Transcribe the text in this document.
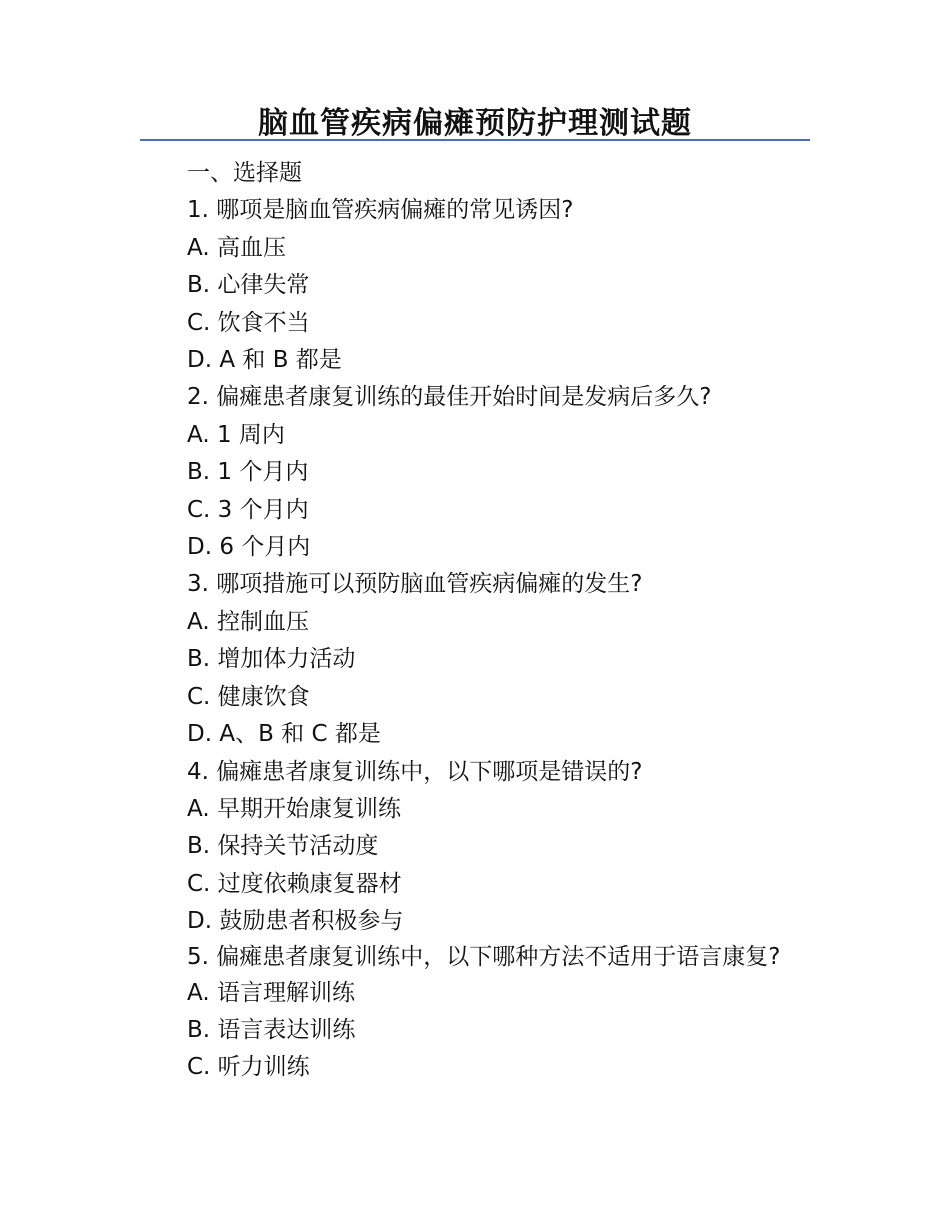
脑血管疾病偏瘫预防护理测试题
一、选择题
1. 哪项是脑血管疾病偏瘫的常见诱因?
A. 高血压
B. 心律失常
C. 饮食不当
D. A 和 B 都是
2. 偏瘫患者康复训练的最佳开始时间是发病后多久?
A. 1 周内
B. 1 个月内
C. 3 个月内
D. 6 个月内
3. 哪项措施可以预防脑血管疾病偏瘫的发生?
A. 控制血压
B. 增加体力活动
C. 健康饮食
D. A、B 和 C 都是
4. 偏瘫患者康复训练中，以下哪项是错误的?
A. 早期开始康复训练
B. 保持关节活动度
C. 过度依赖康复器材
D. 鼓励患者积极参与
5. 偏瘫患者康复训练中，以下哪种方法不适用于语言康复?
A. 语言理解训练
B. 语言表达训练
C. 听力训练
